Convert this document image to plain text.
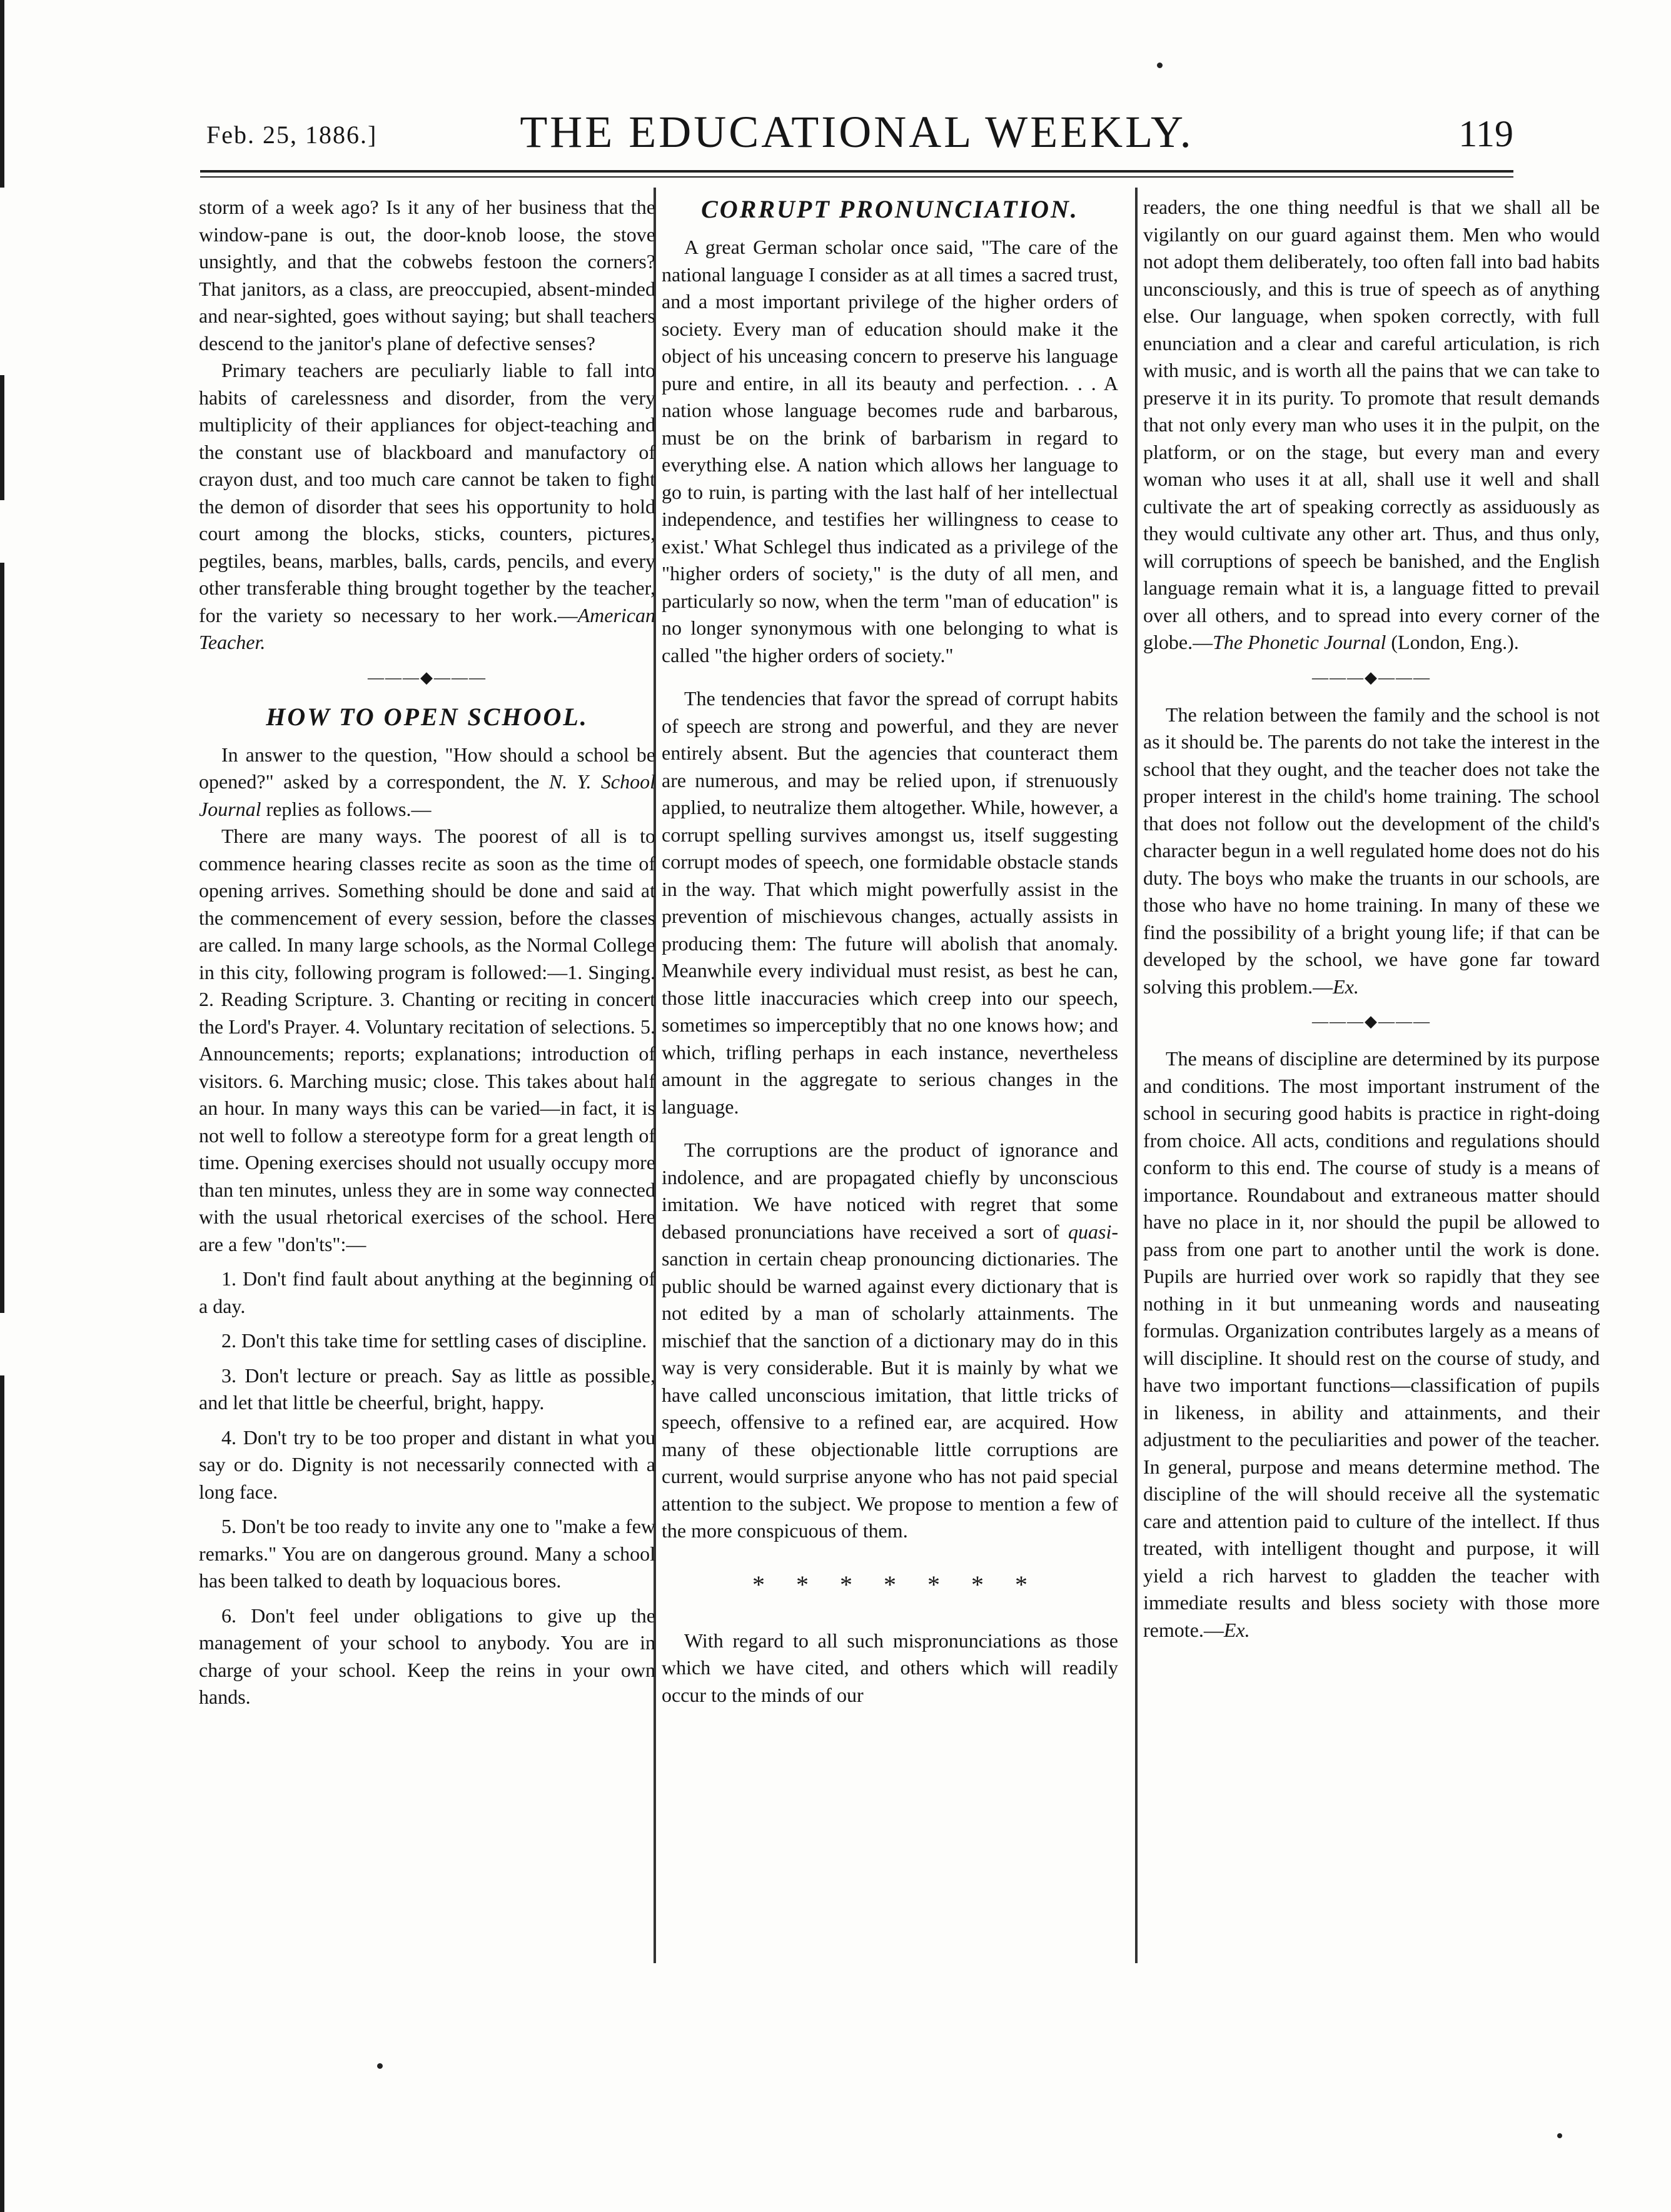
Feb. 25, 1886.]	THE EDUCATIONAL WEEKLY.	119

storm of a week ago? Is it any of her business that the window-pane is out, the door-knob loose, the stove unsightly, and that the cobwebs festoon the corners? That janitors, as a class, are preoccupied, absent-minded and near-sighted, goes without saying; but shall teachers descend to the janitor's plane of defective senses?

Primary teachers are peculiarly liable to fall into habits of carelessness and disorder, from the very multiplicity of their appliances for object-teaching and the constant use of blackboard and manufactory of crayon dust, and too much care cannot be taken to fight the demon of disorder that sees his opportunity to hold court among the blocks, sticks, counters, pictures, pegtiles, beans, marbles, balls, cards, pencils, and every other transferable thing brought together by the teacher, for the variety so necessary to her work.—American Teacher.

———◆———
HOW TO OPEN SCHOOL.

In answer to the question, "How should a school be opened?" asked by a correspondent, the N. Y. School Journal replies as follows.—

There are many ways. The poorest of all is to commence hearing classes recite as soon as the time of opening arrives. Something should be done and said at the commencement of every session, before the classes are called. In many large schools, as the Normal College in this city, following program is followed:—1. Singing. 2. Reading Scripture. 3. Chanting or reciting in concert the Lord's Prayer. 4. Voluntary recitation of selections. 5. Announcements; reports; explanations; introduction of visitors. 6. Marching music; close. This takes about half an hour. In many ways this can be varied—in fact, it is not well to follow a stereotype form for a great length of time. Opening exercises should not usually occupy more than ten minutes, unless they are in some way connected with the usual rhetorical exercises of the school. Here are a few "don'ts":—

1. Don't find fault about anything at the beginning of a day.

2. Don't this take time for settling cases of discipline.

3. Don't lecture or preach. Say as little as possible, and let that little be cheerful, bright, happy.

4. Don't try to be too proper and distant in what you say or do. Dignity is not necessarily connected with a long face.

5. Don't be too ready to invite any one to "make a few remarks." You are on dangerous ground. Many a school has been talked to death by loquacious bores.

6. Don't feel under obligations to give up the management of your school to anybody. You are in charge of your school. Keep the reins in your own hands.

CORRUPT PRONUNCIATION.

A great German scholar once said, "The care of the national language I consider as at all times a sacred trust, and a most important privilege of the higher orders of society. Every man of education should make it the object of his unceasing concern to preserve his language pure and entire, in all its beauty and perfection. . . A nation whose language becomes rude and barbarous, must be on the brink of barbarism in regard to everything else. A nation which allows her language to go to ruin, is parting with the last half of her intellectual independence, and testifies her willingness to cease to exist.' What Schlegel thus indicated as a privilege of the "higher orders of society," is the duty of all men, and particularly so now, when the term "man of education" is no longer synonymous with one belonging to what is called "the higher orders of society."

The tendencies that favor the spread of corrupt habits of speech are strong and powerful, and they are never entirely absent. But the agencies that counteract them are numerous, and may be relied upon, if strenuously applied, to neutralize them altogether. While, however, a corrupt spelling survives amongst us, itself suggesting corrupt modes of speech, one formidable obstacle stands in the way. That which might powerfully assist in the prevention of mischievous changes, actually assists in producing them: The future will abolish that anomaly. Meanwhile every individual must resist, as best he can, those little inaccuracies which creep into our speech, sometimes so imperceptibly that no one knows how; and which, trifling perhaps in each instance, nevertheless amount in the aggregate to serious changes in the language.

The corruptions are the product of ignorance and indolence, and are propagated chiefly by unconscious imitation. We have noticed with regret that some debased pronunciations have received a sort of quasi-sanction in certain cheap pronouncing dictionaries. The public should be warned against every dictionary that is not edited by a man of scholarly attainments. The mischief that the sanction of a dictionary may do in this way is very considerable. But it is mainly by what we have called unconscious imitation, that little tricks of speech, offensive to a refined ear, are acquired. How many of these objectionable little corruptions are current, would surprise anyone who has not paid special attention to the subject. We propose to mention a few of the more conspicuous of them.

* * * * * * *

With regard to all such mispronunciations as those which we have cited, and others which will readily occur to the minds of our

readers, the one thing needful is that we shall all be vigilantly on our guard against them. Men who would not adopt them deliberately, too often fall into bad habits unconsciously, and this is true of speech as of anything else. Our language, when spoken correctly, with full enunciation and a clear and careful articulation, is rich with music, and is worth all the pains that we can take to preserve it in its purity. To promote that result demands that not only every man who uses it in the pulpit, on the platform, or on the stage, but every man and every woman who uses it at all, shall use it well and shall cultivate the art of speaking correctly as assiduously as they would cultivate any other art. Thus, and thus only, will corruptions of speech be banished, and the English language remain what it is, a language fitted to prevail over all others, and to spread into every corner of the globe.—The Phonetic Journal (London, Eng.).

———◆———

The relation between the family and the school is not as it should be. The parents do not take the interest in the school that they ought, and the teacher does not take the proper interest in the child's home training. The school that does not follow out the development of the child's character begun in a well regulated home does not do his duty. The boys who make the truants in our schools, are those who have no home training. In many of these we find the possibility of a bright young life; if that can be developed by the school, we have gone far toward solving this problem.—Ex.

———◆———

The means of discipline are determined by its purpose and conditions. The most important instrument of the school in securing good habits is practice in right-doing from choice. All acts, conditions and regulations should conform to this end. The course of study is a means of importance. Roundabout and extraneous matter should have no place in it, nor should the pupil be allowed to pass from one part to another until the work is done. Pupils are hurried over work so rapidly that they see nothing in it but unmeaning words and nauseating formulas. Organization contributes largely as a means of will discipline. It should rest on the course of study, and have two important functions—classification of pupils in likeness, in ability and attainments, and their adjustment to the peculiarities and power of the teacher. In general, purpose and means determine method. The discipline of the will should receive all the systematic care and attention paid to culture of the intellect. If thus treated, with intelligent thought and purpose, it will yield a rich harvest to gladden the teacher with immediate results and bless society with those more remote.—Ex.
